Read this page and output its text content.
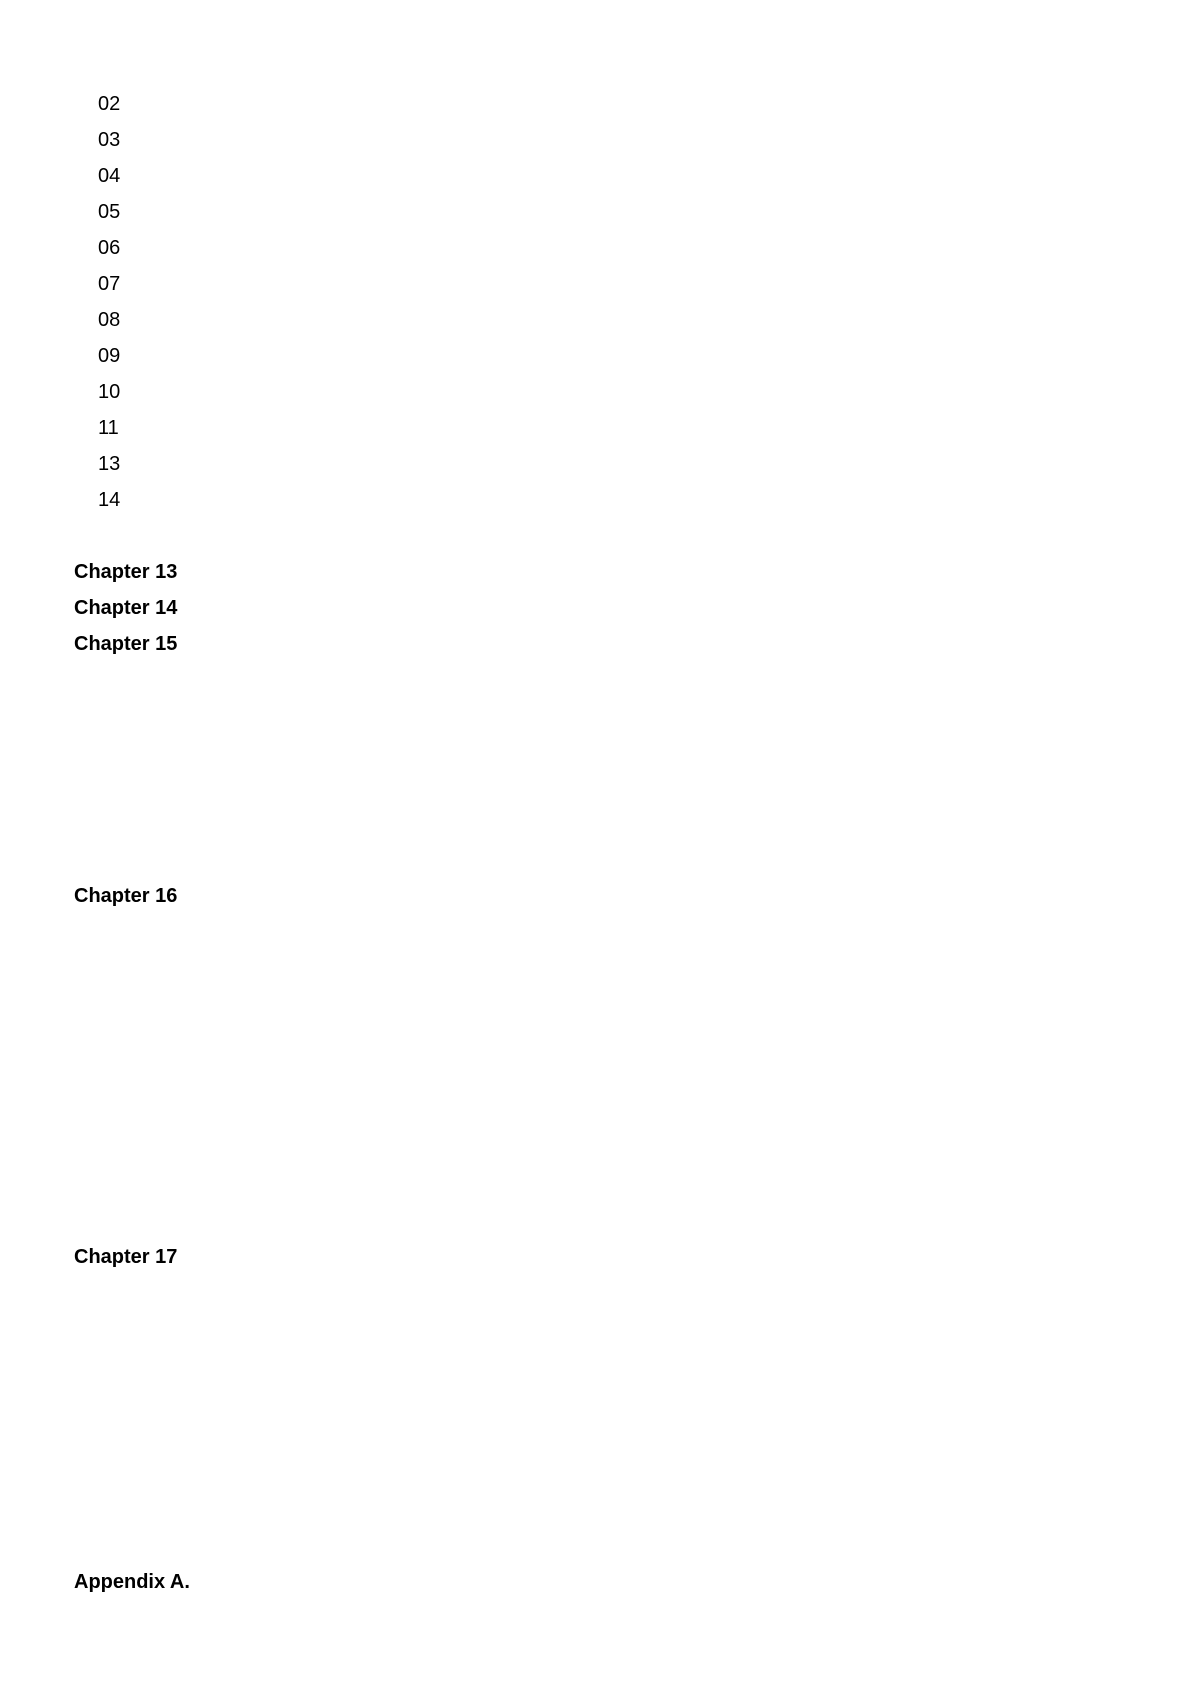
02
03
04
05
06
07
08
09
10
11
13
14
Chapter 13
Chapter 14
Chapter 15
Chapter 16
Chapter 17
Appendix A.
